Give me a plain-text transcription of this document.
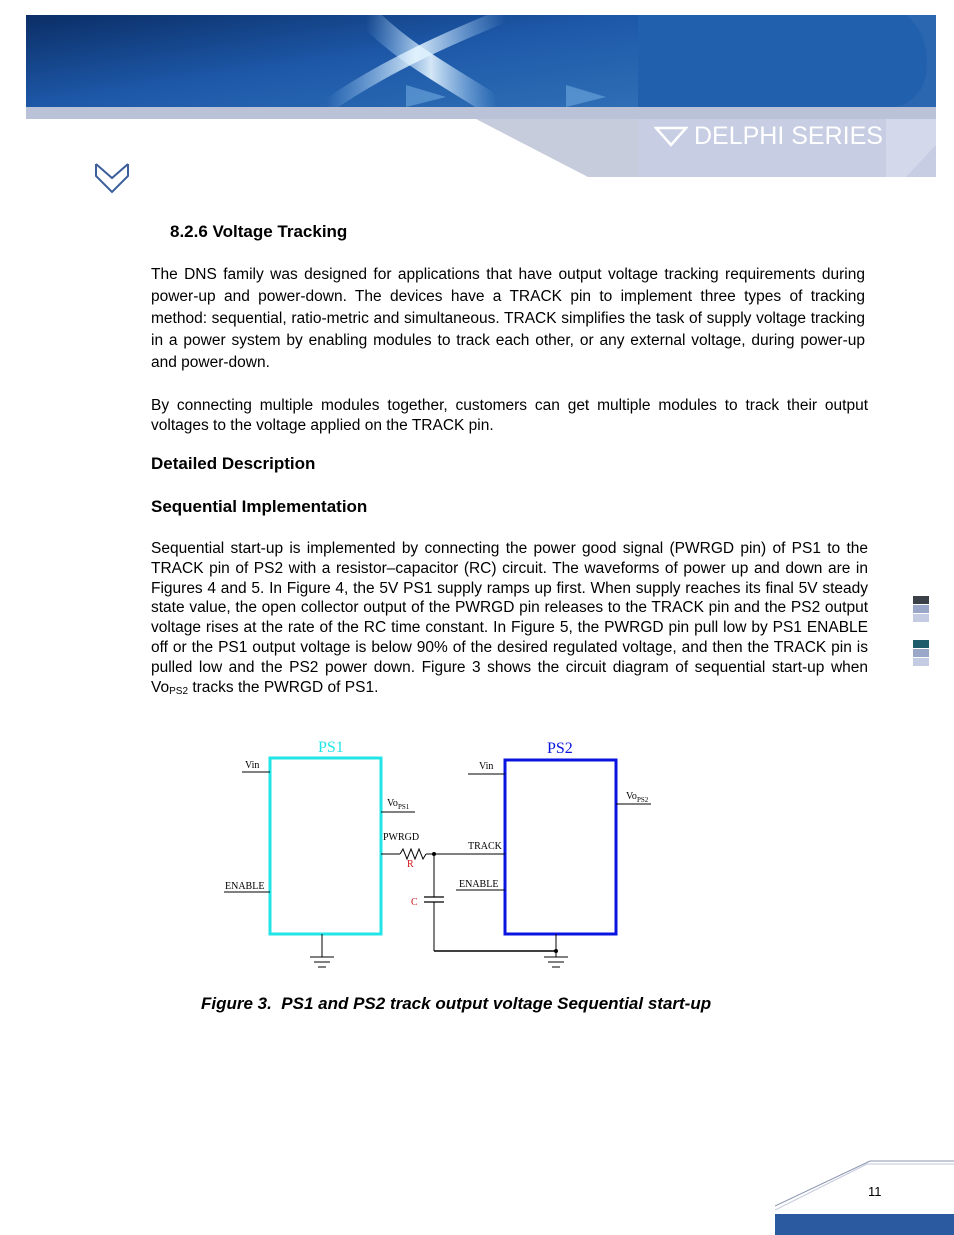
DELPHI SERIES
8.2.6 Voltage Tracking
The DNS family was designed for applications that have output voltage tracking requirements during power-up and power-down. The devices have a TRACK pin to implement three types of tracking method: sequential, ratio-metric and simultaneous. TRACK simplifies the task of supply voltage tracking in a power system by enabling modules to track each other, or any external voltage, during power-up and power-down.
By connecting multiple modules together, customers can get multiple modules to track their output voltages to the voltage applied on the TRACK pin.
Detailed Description
Sequential Implementation
Sequential start-up is implemented by connecting the power good signal (PWRGD pin) of PS1 to the TRACK pin of PS2 with a resistor–capacitor (RC) circuit. The waveforms of power up and down are in Figures 4 and 5. In Figure 4, the 5V PS1 supply ramps up first. When supply reaches its final 5V steady state value, the open collector output of the PWRGD pin releases to the TRACK pin and the PS2 output voltage rises at the rate of the RC time constant. In Figure 5, the PWRGD pin pull low by PS1 ENABLE off or the PS1 output voltage is below 90% of the desired regulated voltage, and then the TRACK pin is pulled low and the PS2 power down. Figure 3 shows the circuit diagram of sequential start-up when $Vo_{PS2}$ tracks the PWRGD of PS1.
PS1	PS2
Vin
ENABLE
$Vo_{PS1}$
PWRGD
R
TRACK
C
Vin
ENABLE
$Vo_{PS2}$
Figure 3.  PS1 and PS2 track output voltage Sequential start-up
11
